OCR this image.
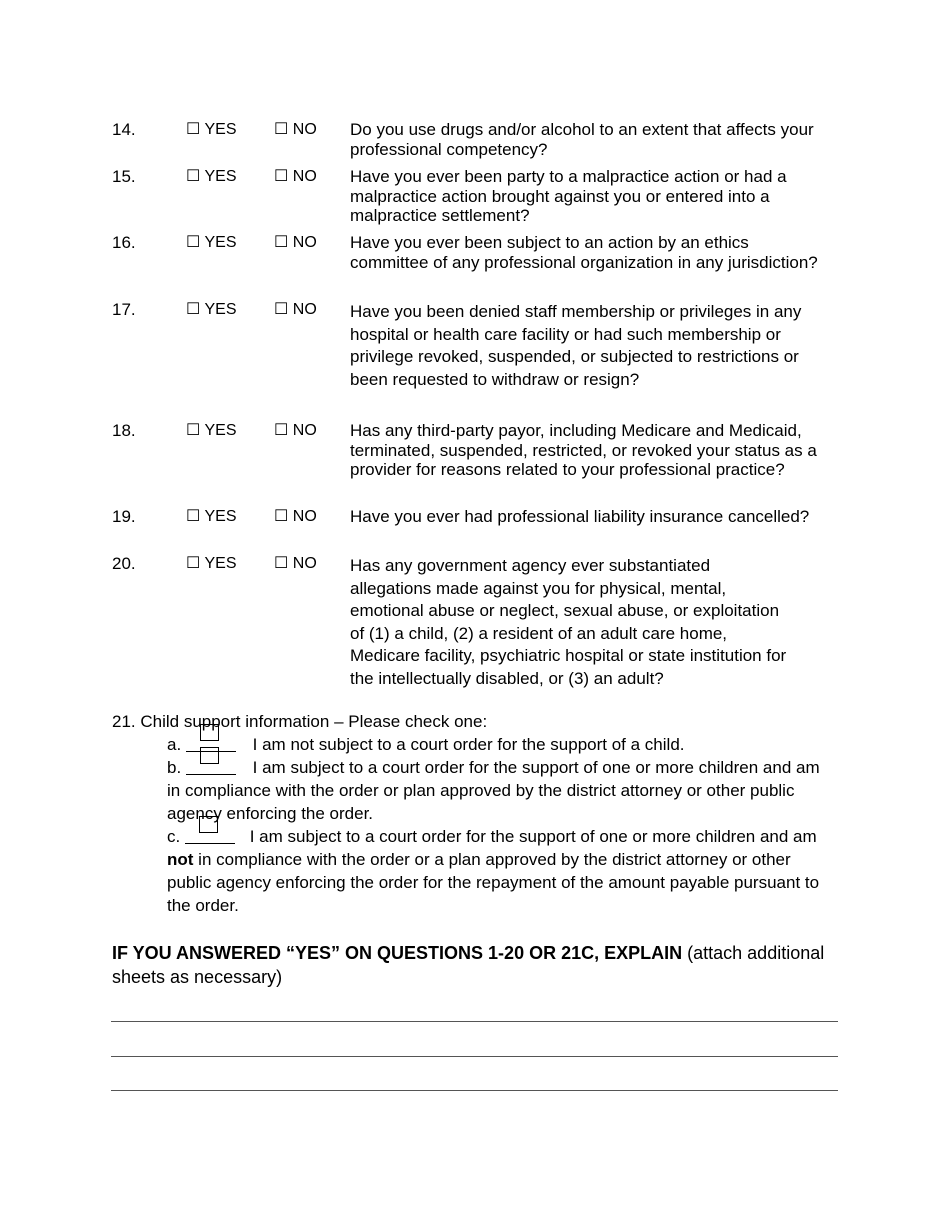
14.	☐ YES ☐ NO Do you use drugs and/or alcohol to an extent that affects your professional competency?
15.	☐ YES ☐ NO Have you ever been party to a malpractice action or had a malpractice action brought against you or entered into a malpractice settlement?
16.	☐ YES ☐ NO Have you ever been subject to an action by an ethics committee of any professional organization in any jurisdiction?
17.	☐ YES ☐ NO Have you been denied staff membership or privileges in any hospital or health care facility or had such membership or privilege revoked, suspended, or subjected to restrictions or been requested to withdraw or resign?
18.	☐ YES ☐ NO Has any third-party payor, including Medicare and Medicaid, terminated, suspended, restricted, or revoked your status as a provider for reasons related to your professional practice?
19.	☐ YES ☐ NO Have you ever had professional liability insurance cancelled?
20.	☐ YES ☐ NO Has any government agency ever substantiated allegations made against you for physical, mental, emotional abuse or neglect, sexual abuse, or exploitation of (1) a child, (2) a resident of an adult care home, Medicare facility, psychiatric hospital or state institution for the intellectually disabled, or (3) an adult?
21. Child support information – Please check one:
a.	I am not subject to a court order for the support of a child.
b.	I am subject to a court order for the support of one or more children and am in compliance with the order or plan approved by the district attorney or other public agency enforcing the order.
c.	I am subject to a court order for the support of one or more children and am not in compliance with the order or a plan approved by the district attorney or other public agency enforcing the order for the repayment of the amount payable pursuant to the order.
IF YOU ANSWERED “YES” ON QUESTIONS 1-20 OR 21C, EXPLAIN (attach additional sheets as necessary)
